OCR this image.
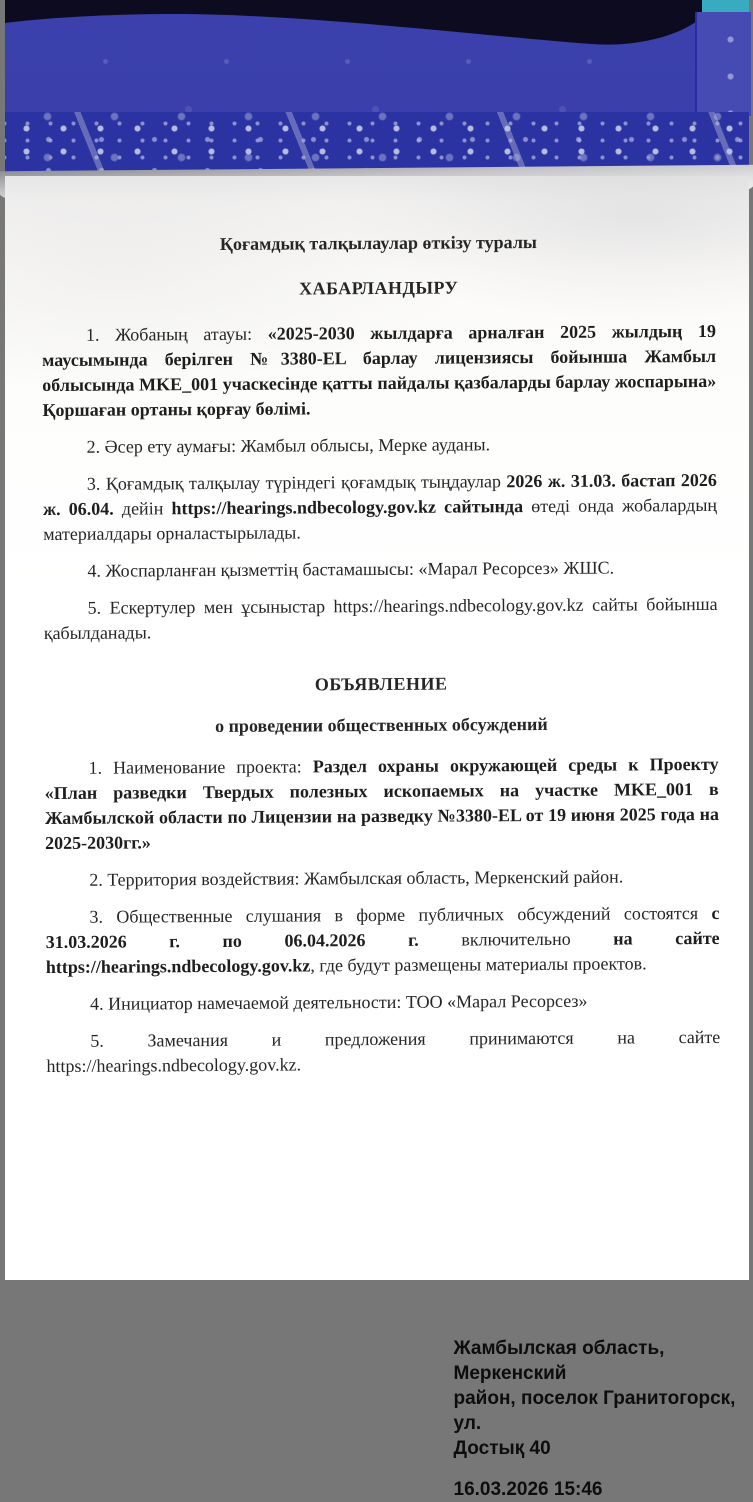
Қоғамдық талқылаулар өткізу туралы

ХАБАРЛАНДЫРУ

1. Жобаның атауы: «2025-2030 жылдарға арналған 2025 жылдың 19 маусымында берілген №3380-EL барлау лицензиясы бойынша Жамбыл облысында MKE_001 учаскесінде қатты пайдалы қазбаларды барлау жоспарына» Қоршаған ортаны қорғау бөлімі.

2. Әсер ету аумағы: Жамбыл облысы, Мерке ауданы.

3. Қоғамдық талқылау түріндегі қоғамдық тыңдаулар 2026 ж. 31.03. бастап 2026 ж. 06.04. дейін https://hearings.ndbecology.gov.kz сайтында өтеді онда жобалардың материалдары орналастырылады.

4. Жоспарланған қызметтің бастамашысы: «Марал Ресорсез» ЖШС.

5. Ескертулер мен ұсыныстар https://hearings.ndbecology.gov.kz сайты бойынша қабылданады.

ОБЪЯВЛЕНИЕ

о проведении общественных обсуждений

1. Наименование проекта: Раздел охраны окружающей среды к Проекту «План разведки Твердых полезных ископаемых на участке MKE_001 в Жамбылской области по Лицензии на разведку №3380-EL от 19 июня 2025 года на 2025-2030гг.»

2. Территория воздействия: Жамбылская область, Меркенский район.

3. Общественные слушания в форме публичных обсуждений состоятся с 31.03.2026 г. по 06.04.2026 г. включительно на сайте https://hearings.ndbecology.gov.kz, где будут размещены материалы проектов.

4. Инициатор намечаемой деятельности: ТОО «Марал Ресорсез»

5. Замечания и предложения принимаются на сайте https://hearings.ndbecology.gov.kz.

Жамбылская область, Меркенский
район, поселок Гранитогорск, ул.
Достық 40
16.03.2026 15:46
